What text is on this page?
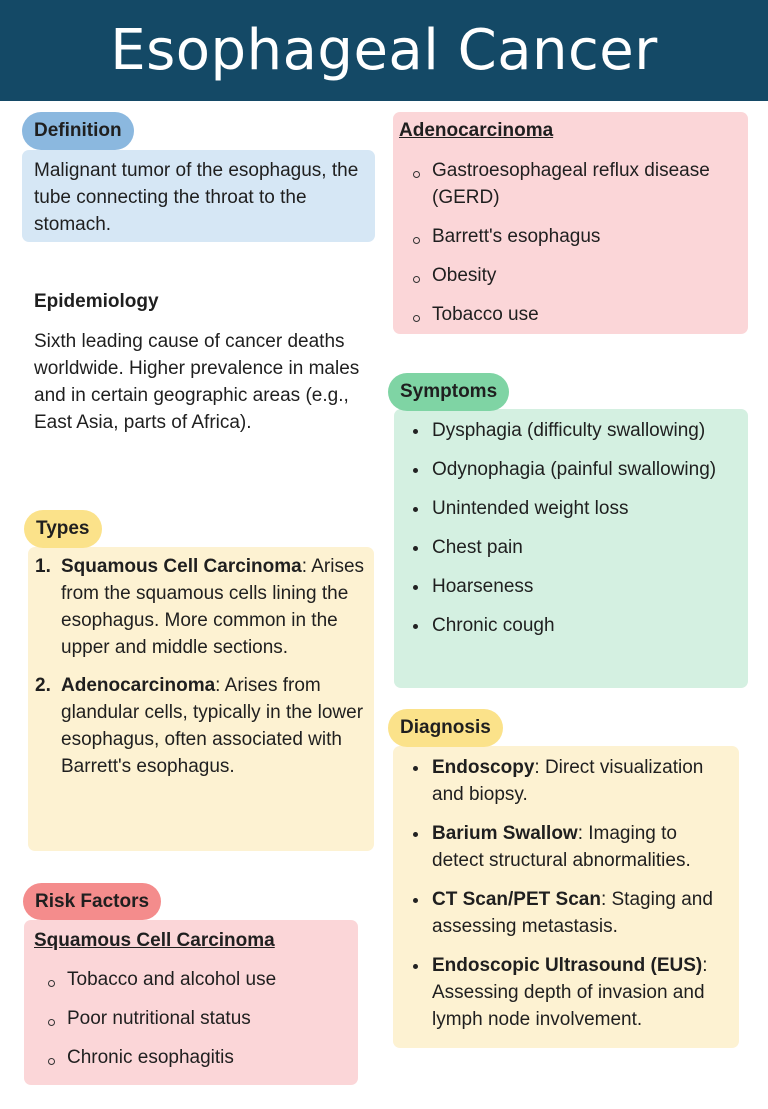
Esophageal Cancer
Definition
Malignant tumor of the esophagus, the tube connecting the throat to the stomach.
Epidemiology
Sixth leading cause of cancer deaths worldwide. Higher prevalence in males and in certain geographic areas (e.g., East Asia, parts of Africa).
Types
1. Squamous Cell Carcinoma: Arises from the squamous cells lining the esophagus. More common in the upper and middle sections.
2. Adenocarcinoma: Arises from glandular cells, typically in the lower esophagus, often associated with Barrett's esophagus.
Risk Factors
Squamous Cell Carcinoma
Tobacco and alcohol use
Poor nutritional status
Chronic esophagitis
Adenocarcinoma
Gastroesophageal reflux disease (GERD)
Barrett's esophagus
Obesity
Tobacco use
Symptoms
Dysphagia (difficulty swallowing)
Odynophagia (painful swallowing)
Unintended weight loss
Chest pain
Hoarseness
Chronic cough
Diagnosis
Endoscopy: Direct visualization and biopsy.
Barium Swallow: Imaging to detect structural abnormalities.
CT Scan/PET Scan: Staging and assessing metastasis.
Endoscopic Ultrasound (EUS): Assessing depth of invasion and lymph node involvement.
